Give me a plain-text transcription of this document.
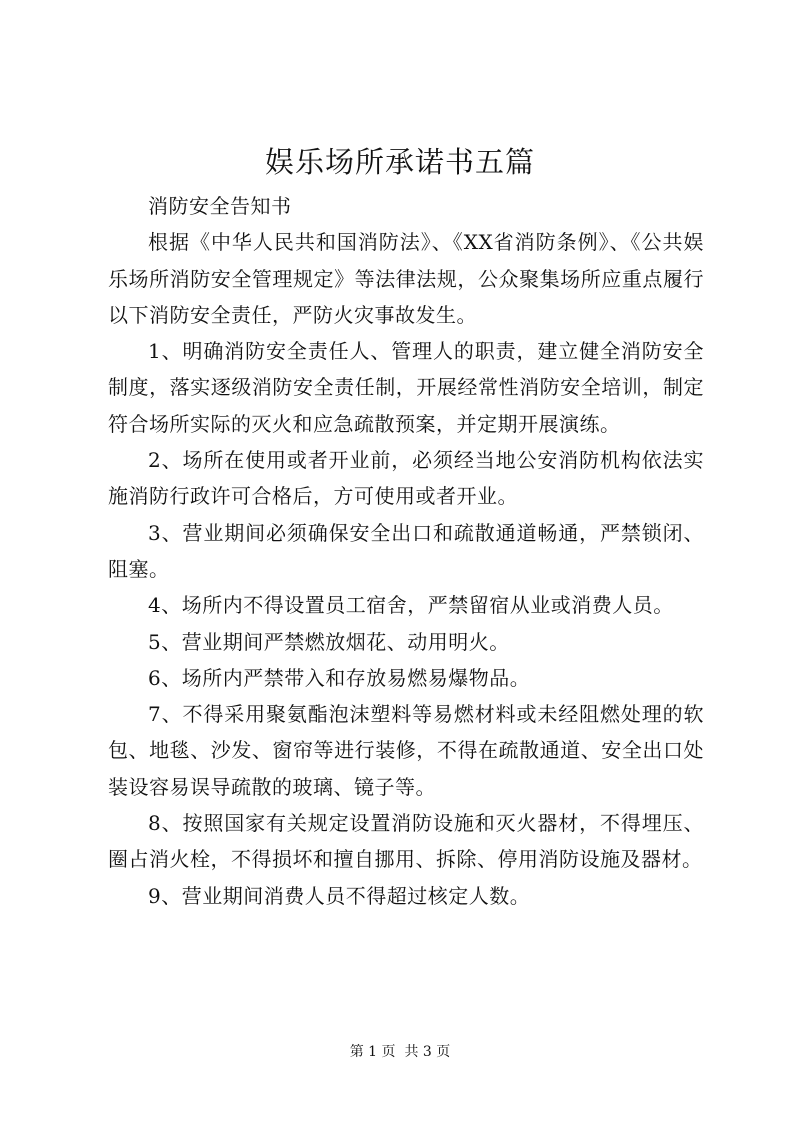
娱乐场所承诺书五篇

消防安全告知书

根据《中华人民共和国消防法》、《XX省消防条例》、《公共娱乐场所消防安全管理规定》等法律法规，公众聚集场所应重点履行以下消防安全责任，严防火灾事故发生。

1、明确消防安全责任人、管理人的职责，建立健全消防安全制度，落实逐级消防安全责任制，开展经常性消防安全培训，制定符合场所实际的灭火和应急疏散预案，并定期开展演练。

2、场所在使用或者开业前，必须经当地公安消防机构依法实施消防行政许可合格后，方可使用或者开业。

3、营业期间必须确保安全出口和疏散通道畅通，严禁锁闭、阻塞。

4、场所内不得设置员工宿舍，严禁留宿从业或消费人员。

5、营业期间严禁燃放烟花、动用明火。

6、场所内严禁带入和存放易燃易爆物品。

7、不得采用聚氨酯泡沫塑料等易燃材料或未经阻燃处理的软包、地毯、沙发、窗帘等进行装修，不得在疏散通道、安全出口处装设容易误导疏散的玻璃、镜子等。

8、按照国家有关规定设置消防设施和灭火器材，不得埋压、圈占消火栓，不得损坏和擅自挪用、拆除、停用消防设施及器材。

9、营业期间消费人员不得超过核定人数。

第 1 页  共 3 页
